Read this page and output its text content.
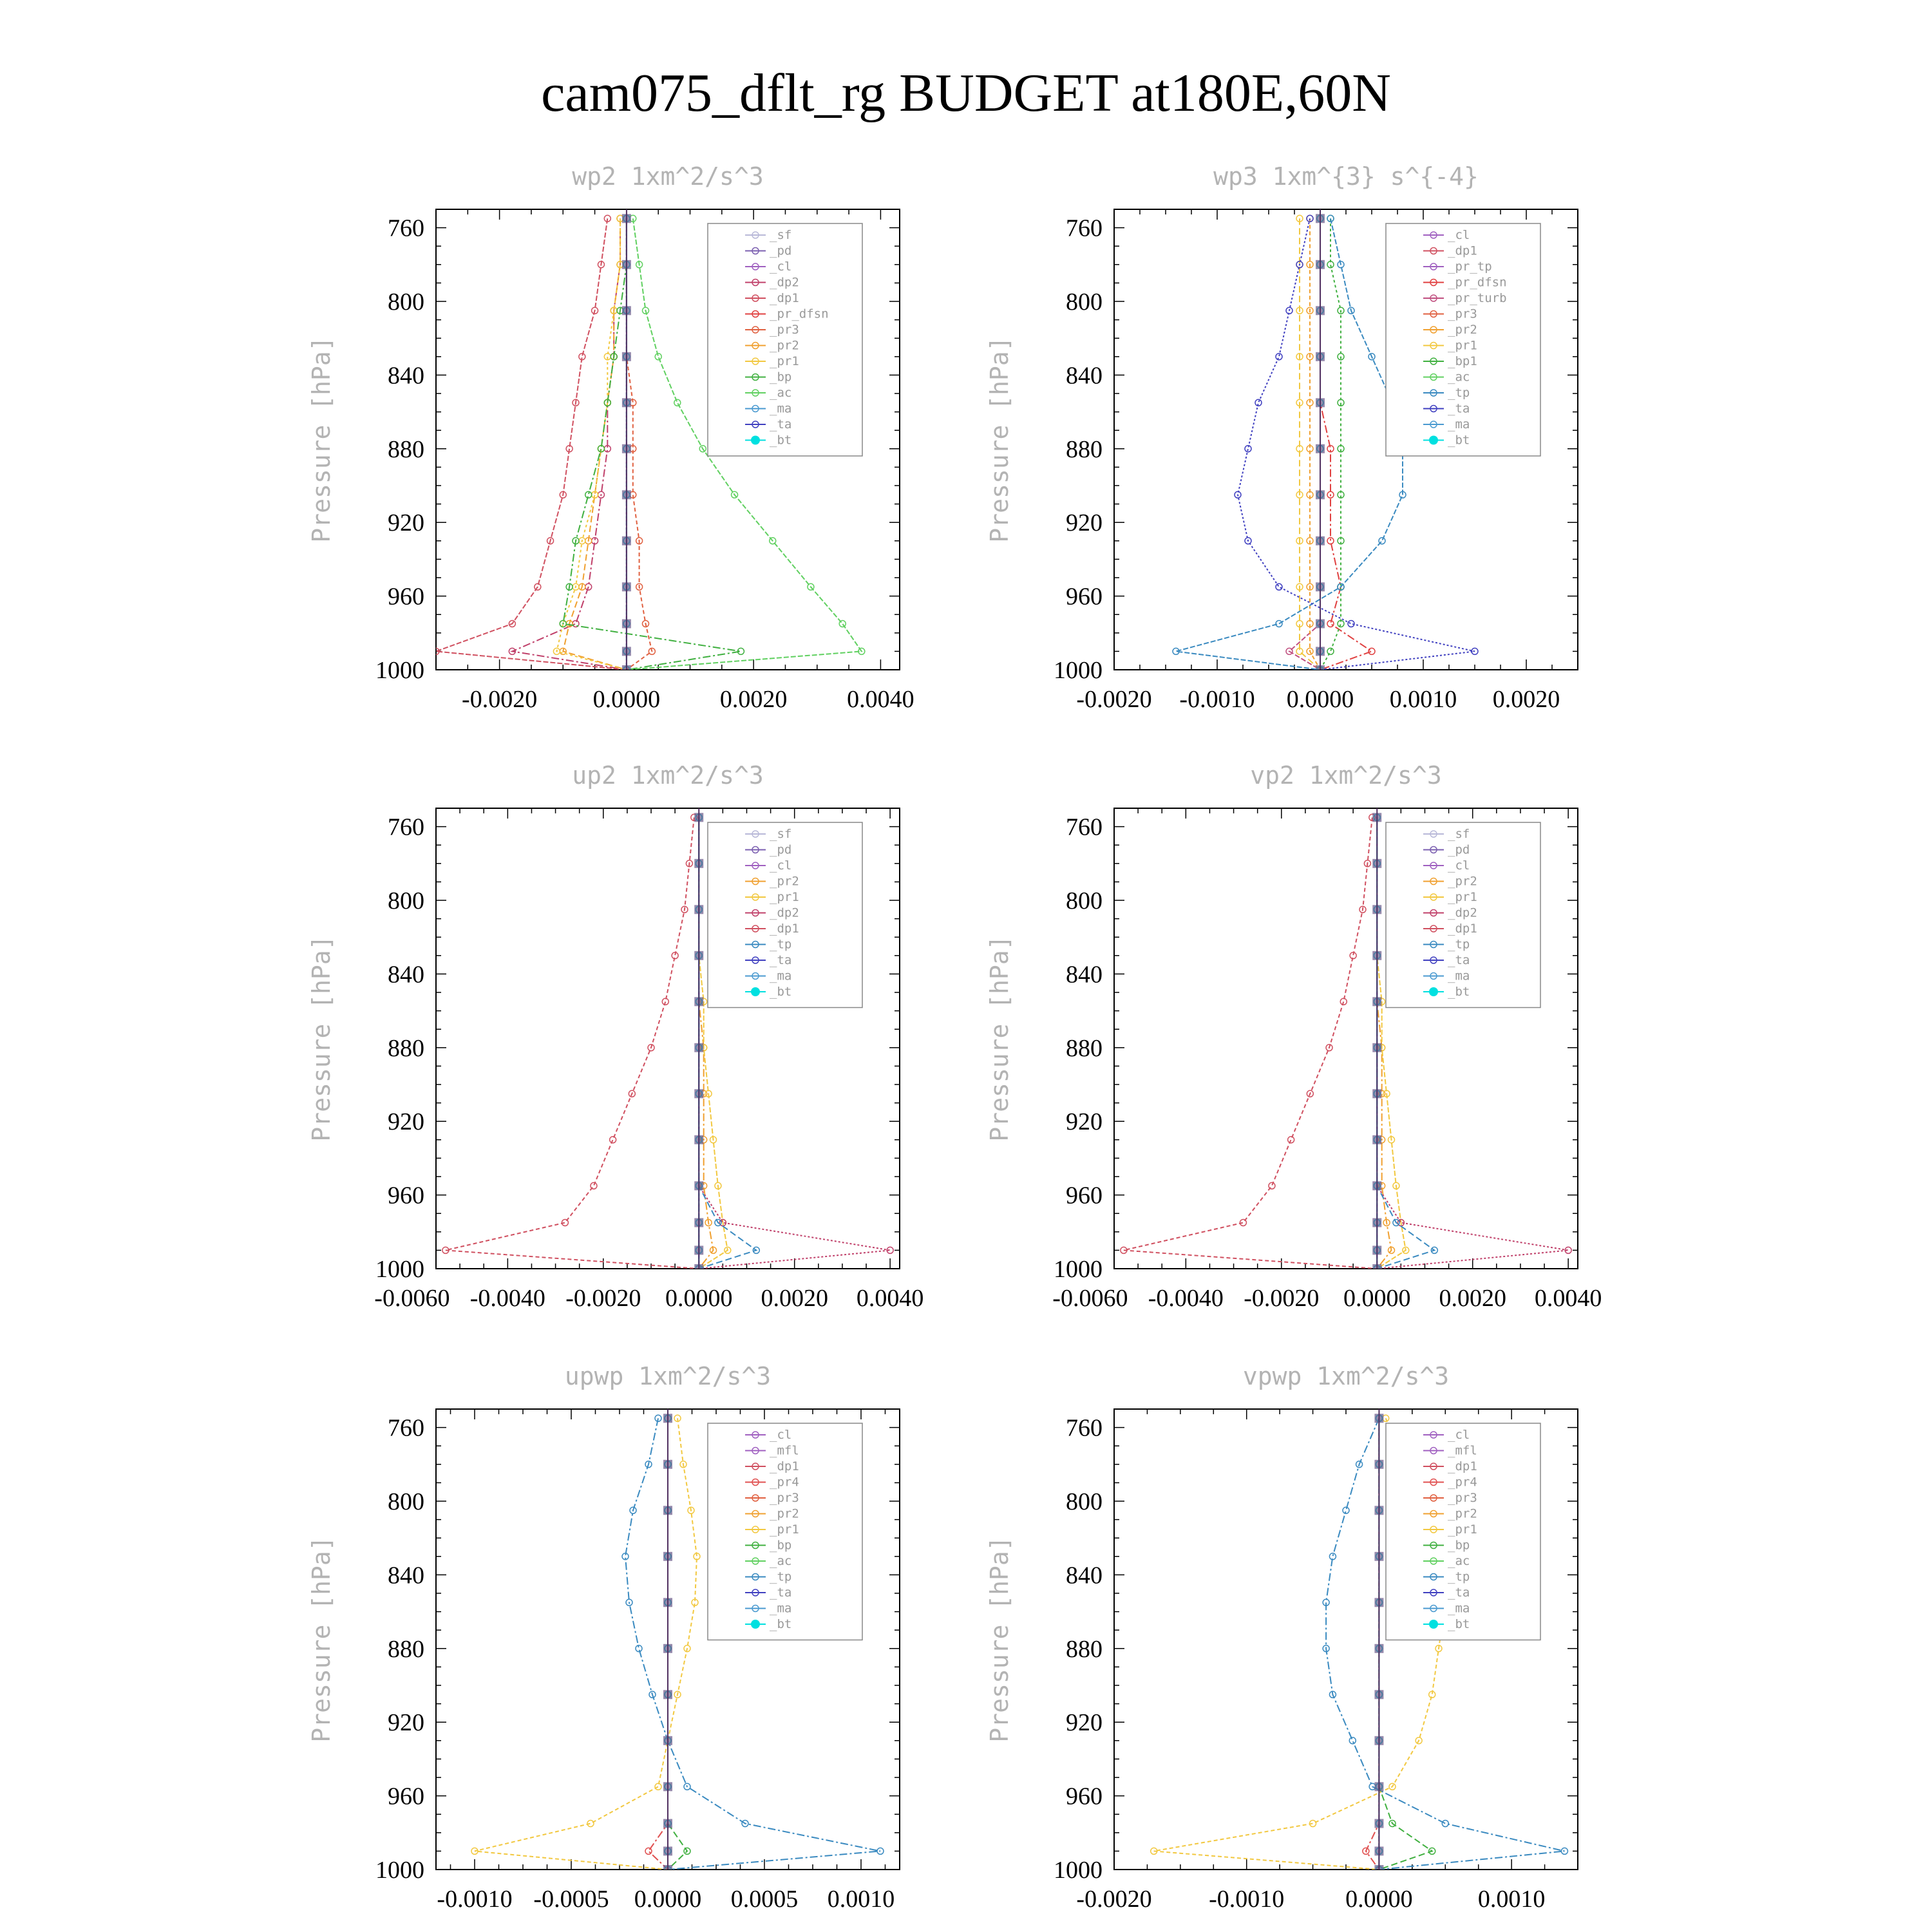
cam075_dflt_rg BUDGET at180E,60N
wp2 1xm^2/s^3
Pressure [hPa]
760
800
840
880
920
960
1000
-0.0020 0.0000 0.0020 0.0040
_sf
_pd
_cl
_dp2
_dp1
_pr_dfsn
_pr3
_pr2
_pr1
_bp
_ac
_ma
_ta
_bt
wp3 1xm^{3} s^{-4}
Pressure [hPa]
760
800
840
880
920
960
1000
-0.0020 -0.0010 0.0000 0.0010 0.0020
_cl
_dp1
_pr_tp
_pr_dfsn
_pr_turb
_pr3
_pr2
_pr1
_bp1
_ac
_tp
_ta
_ma
_bt
up2 1xm^2/s^3
Pressure [hPa]
760
800
840
880
920
960
1000
-0.0060 -0.0040 -0.0020 0.0000 0.0020 0.0040
_sf
_pd
_cl
_pr2
_pr1
_dp2
_dp1
_tp
_ta
_ma
_bt
vp2 1xm^2/s^3
Pressure [hPa]
760
800
840
880
920
960
1000
-0.0060 -0.0040 -0.0020 0.0000 0.0020 0.0040
_sf
_pd
_cl
_pr2
_pr1
_dp2
_dp1
_tp
_ta
_ma
_bt
upwp 1xm^2/s^3
Pressure [hPa]
760
800
840
880
920
960
1000
-0.0010 -0.0005 0.0000 0.0005 0.0010
_cl
_mfl
_dp1
_pr4
_pr3
_pr2
_pr1
_bp
_ac
_tp
_ta
_ma
_bt
vpwp 1xm^2/s^3
Pressure [hPa]
760
800
840
880
920
960
1000
-0.0020 -0.0010 0.0000	0.0010
_cl
_mfl
_dp1
_pr4
_pr3
_pr2
_pr1
_bp
_ac
_tp
_ta
_ma
_bt
